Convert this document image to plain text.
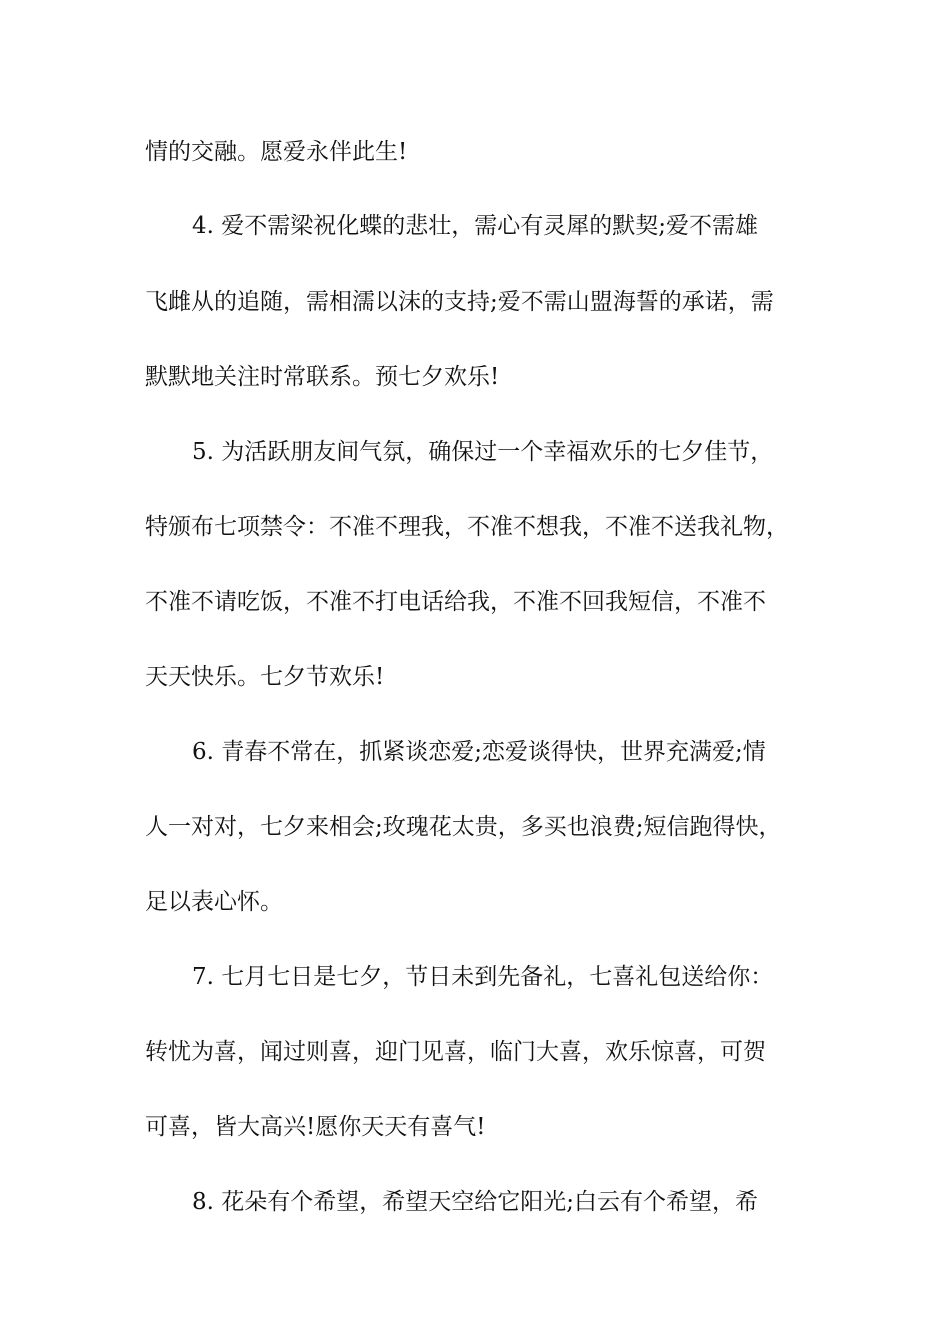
情的交融。愿爱永伴此生!
4. 爱不需梁祝化蝶的悲壮，需心有灵犀的默契;爱不需雄
飞雌从的追随，需相濡以沫的支持;爱不需山盟海誓的承诺，需
默默地关注时常联系。预七夕欢乐!
5. 为活跃朋友间气氛，确保过一个幸福欢乐的七夕佳节，
特颁布七项禁令：不准不理我，不准不想我，不准不送我礼物，
不准不请吃饭，不准不打电话给我，不准不回我短信，不准不
天天快乐。七夕节欢乐!
6. 青春不常在，抓紧谈恋爱;恋爱谈得快，世界充满爱;情
人一对对，七夕来相会;玫瑰花太贵，多买也浪费;短信跑得快，
足以表心怀。
7. 七月七日是七夕，节日未到先备礼，七喜礼包送给你：
转忧为喜，闻过则喜，迎门见喜，临门大喜，欢乐惊喜，可贺
可喜，皆大高兴!愿你天天有喜气!
8. 花朵有个希望，希望天空给它阳光;白云有个希望，希
